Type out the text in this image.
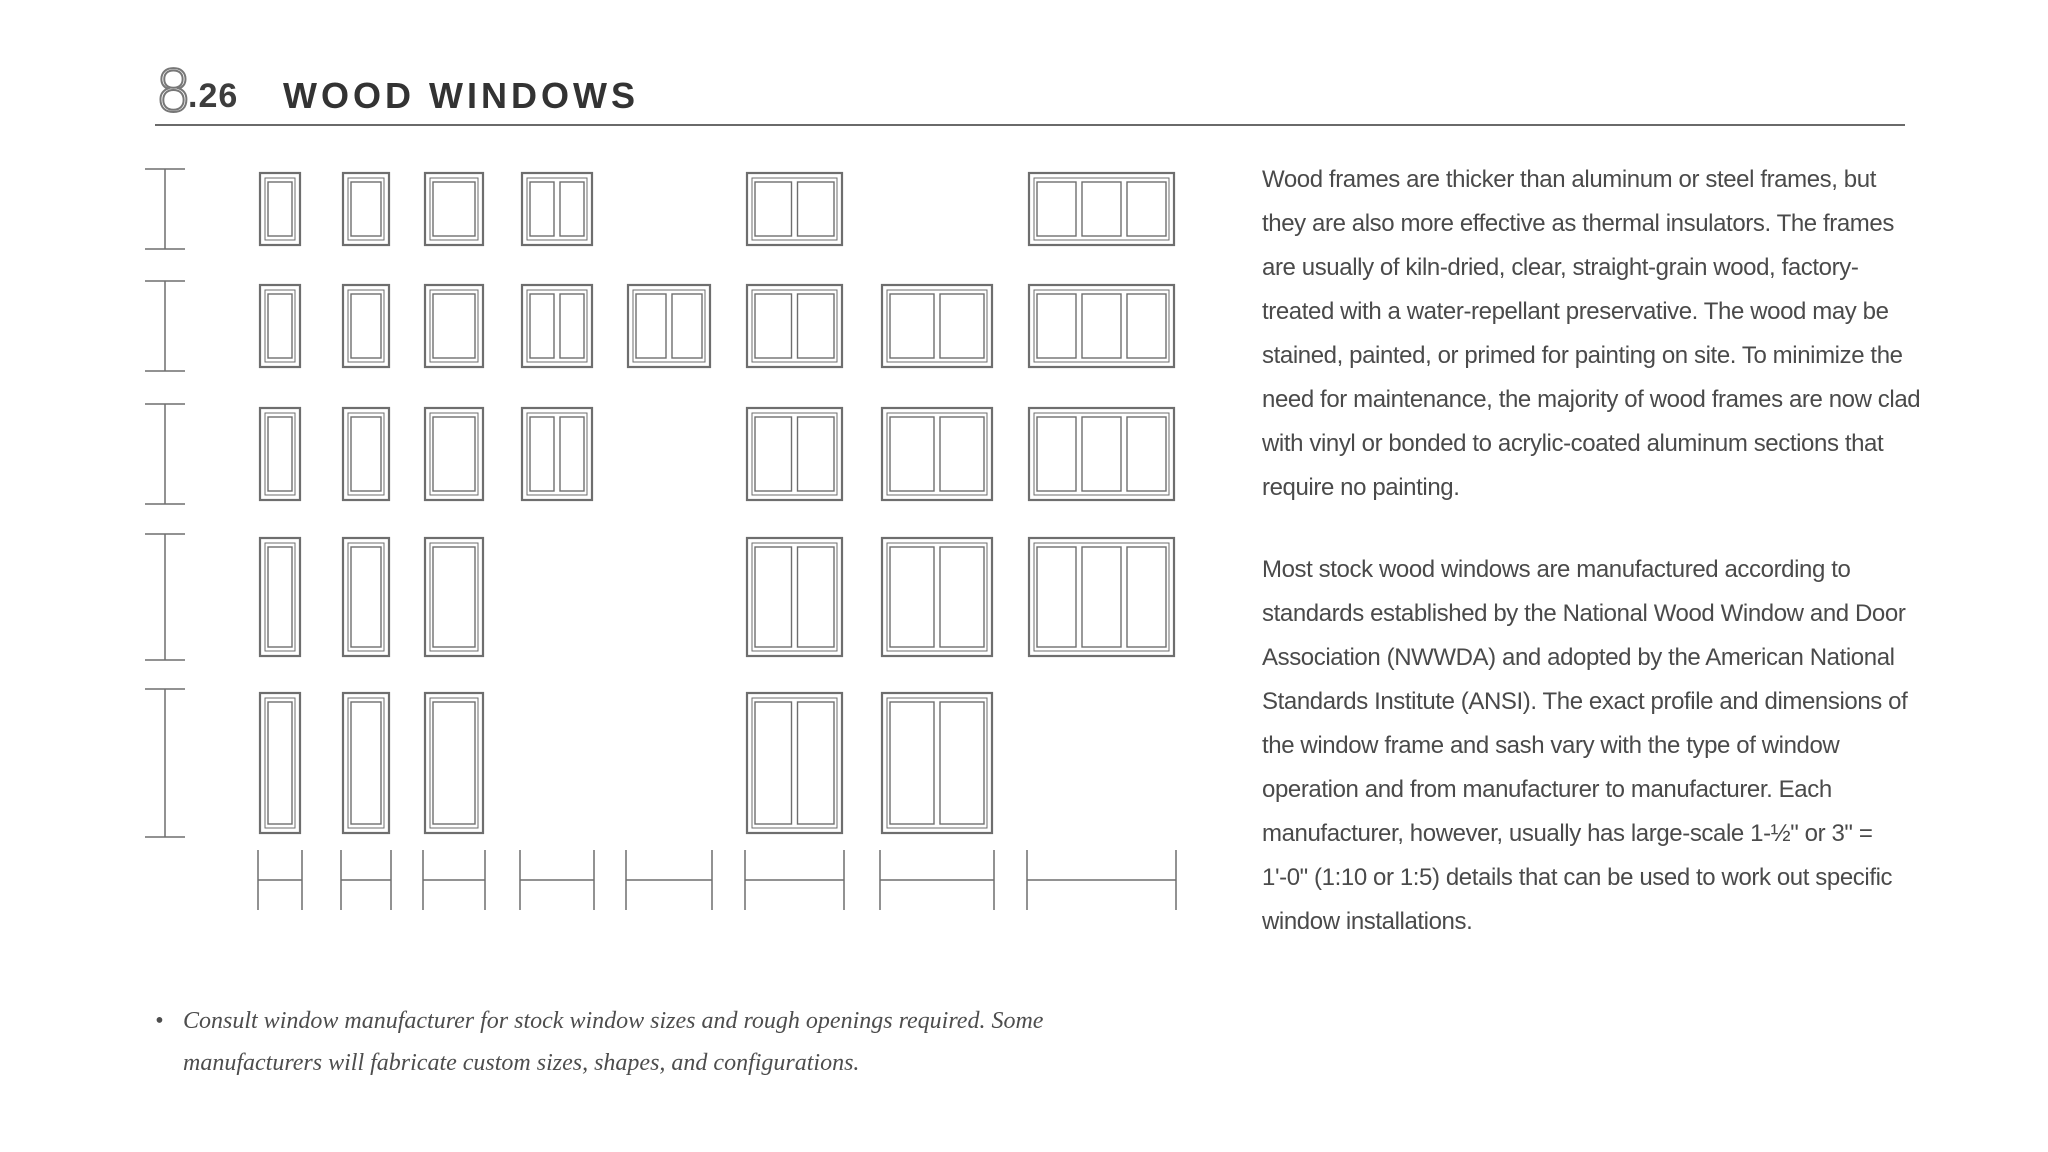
8
.26 WOOD WINDOWS

Wood frames are thicker than aluminum or steel frames, but they are also more effective as thermal insulators. The frames are usually of kiln-dried, clear, straight-grain wood, factory-treated with a water-repellant preservative. The wood may be stained, painted, or primed for painting on site. To minimize the need for maintenance, the majority of wood frames are now clad with vinyl or bonded to acrylic-coated aluminum sections that require no painting.

Most stock wood windows are manufactured according to standards established by the National Wood Window and Door Association (NWWDA) and adopted by the American National Standards Institute (ANSI). The exact profile and dimensions of the window frame and sash vary with the type of window operation and from manufacturer to manufacturer. Each manufacturer, however, usually has large-scale 1-½" or 3" = 1'-0" (1:10 or 1:5) details that can be used to work out specific window installations.

• Consult window manufacturer for stock window sizes and rough openings required. Some manufacturers will fabricate custom sizes, shapes, and configurations.
